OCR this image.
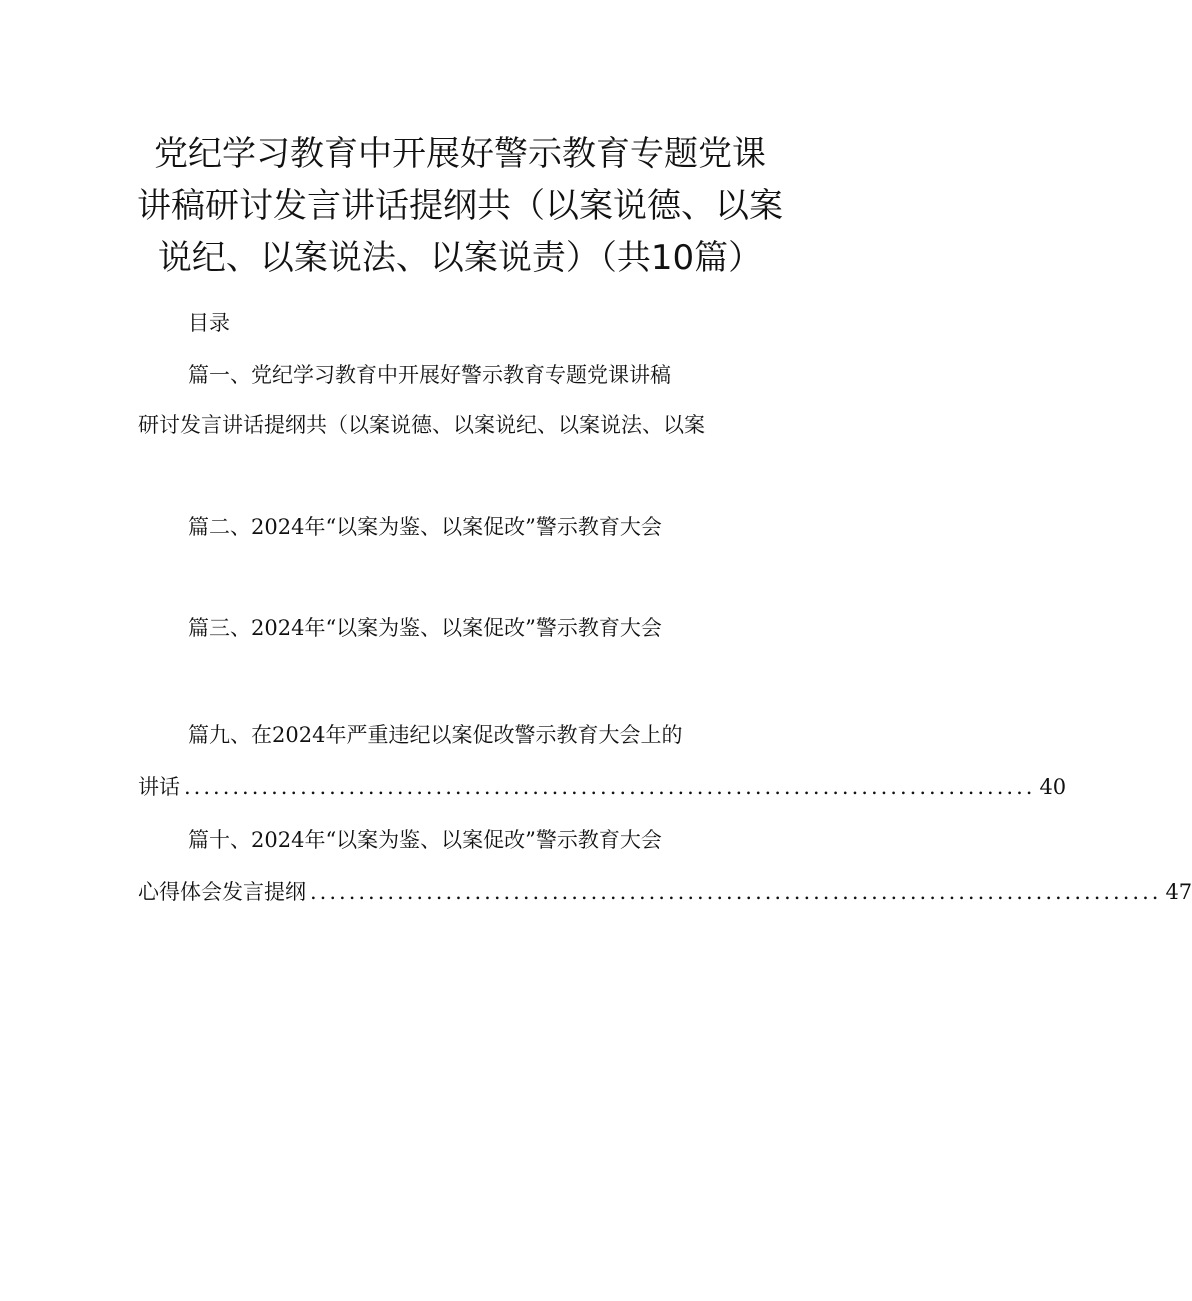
党纪学习教育中开展好警示教育专题党课
讲稿研讨发言讲话提纲共（以案说德、以案
说纪、以案说法、以案说责）（共10篇）
目录
篇一、党纪学习教育中开展好警示教育专题党课讲稿
研讨发言讲话提纲共（以案说德、以案说纪、以案说法、以案
篇二、2024年“以案为鉴、以案促改”警示教育大会
篇三、2024年“以案为鉴、以案促改”警示教育大会
篇九、在2024年严重违纪以案促改警示教育大会上的
讲话 ........................................................................................ 40
篇十、2024年“以案为鉴、以案促改”警示教育大会
心得体会发言提纲 ........................................................................................ 47
